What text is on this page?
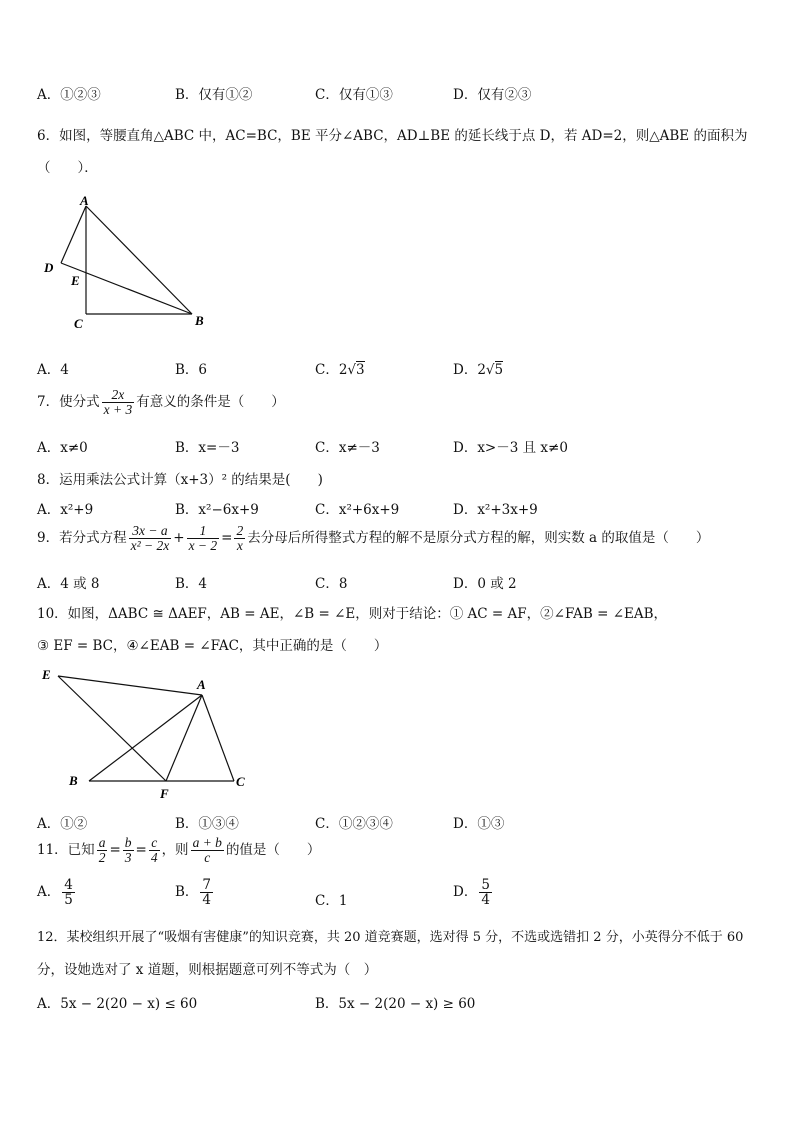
A．①②③	B．仅有①②	C．仅有①③	D．仅有②③
6．如图，等腰直角△ABC 中，AC=BC，BE 平分∠ABC，AD⊥BE 的延长线于点 D，若 AD=2，则△ABE 的面积为
（　　）．
A
D
E
C	B
A．4	B．6	C．2√3	D．2√5
7．使分式 $\frac{2x}{x + 3}$ 有意义的条件是（　　）
A．x≠0	B．x=－3	C．x≠－3	D．x>－3 且 x≠0
8．运用乘法公式计算（x+3）² 的结果是(　　)
A．x²+9	B．x²−6x+9	C．x²+6x+9	D．x²+3x+9
9．若分式方程 $\frac{3x - a}{\text{x² − 2x}} + \frac{1}{x - 2} = \frac{2}{x}$ 去分母后所得整式方程的解不是原分式方程的解，则实数 a 的取值是（　　）
A．4 或 8	B．4	C．8	D．0 或 2
10．如图，ΔABC ≅ ΔAEF，AB = AE，∠B = ∠E，则对于结论：① AC = AF，②∠FAB = ∠EAB，
③ EF = BC，④∠EAB = ∠FAC，其中正确的是（　　）
E
A
B
F
C
A．①②	B．①③④	C．①②③④	D．①③
11．已知 $\frac{a}{2} = \frac{b}{3} = \frac{c}{4}$ ，则 $\frac{a + b}{c}$ 的值是（　　）
A． $\frac{4}{5}$	B． $\frac{7}{4}$	C．1
D． $\frac{5}{4}$
12．某校组织开展了“吸烟有害健康”的知识竞赛，共 20 道竞赛题，选对得 5 分，不选或选错扣 2 分，小英得分不低于 60
分，设她选对了 x 道题，则根据题意可列不等式为（　）
A．5x − 2(20 − x) ≤ 60	B．5x − 2(20 − x) ≥ 60
